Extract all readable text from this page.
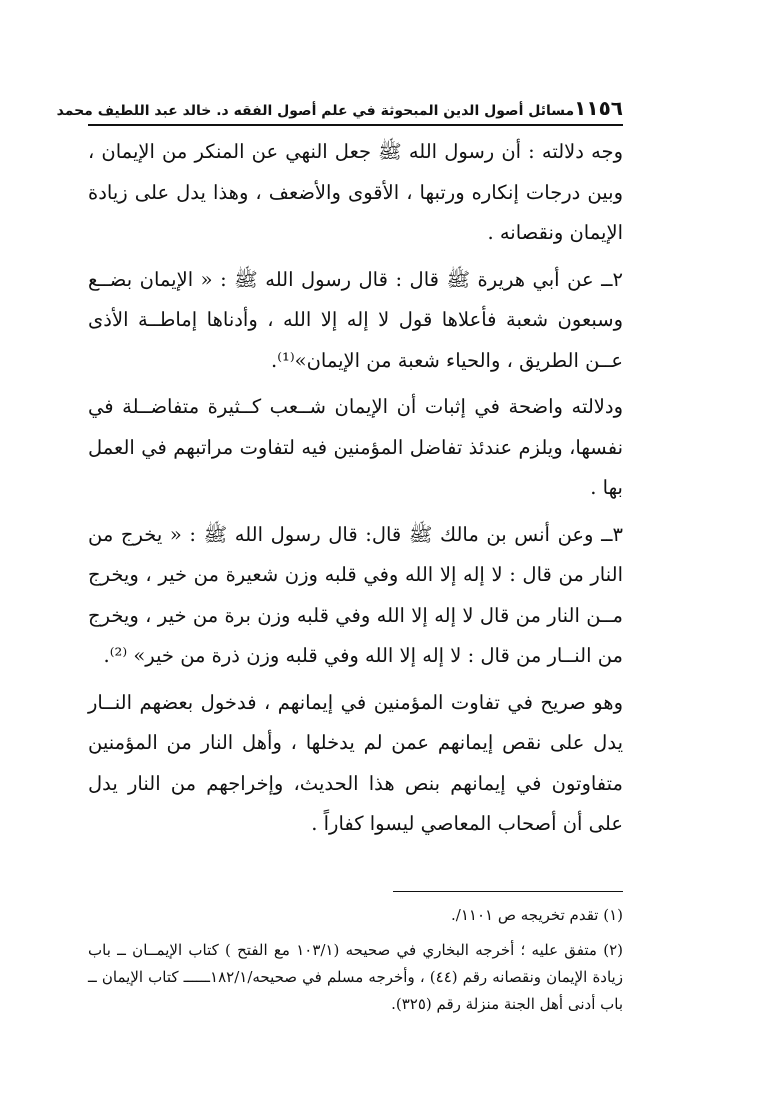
١١٥٦
مسائل أصول الدين المبحوثة في علم أصول الفقه د. خالد عبد اللطيف محمد

وجه دلالته : أن رسول الله ﷺ جعل النهي عن المنكر من الإيمان ، وبين درجات إنكاره ورتبها ، الأقوى والأضعف ، وهذا يدل على زيادة الإيمان ونقصانه .

٢ــ عن أبي هريرة ﷺ قال : قال رسول الله ﷺ : « الإيمان بضــع وسبعون شعبة فأعلاها قول لا إله إلا الله ، وأدناها إماطــة الأذى عــن الطريق ، والحياء شعبة من الإيمان»⁽¹⁾.

ودلالته واضحة في إثبات أن الإيمان شــعب كــثيرة متفاضــلة في نفسها، ويلزم عندئذ تفاضل المؤمنين فيه لتفاوت مراتبهم في العمل بها .

٣ــ وعن أنس بن مالك ﷺ قال: قال رسول الله ﷺ : « يخرج من النار من قال : لا إله إلا الله وفي قلبه وزن شعيرة من خير ، ويخرج مــن النار من قال لا إله إلا الله وفي قلبه وزن برة من خير ، ويخرج من النــار من قال : لا إله إلا الله وفي قلبه وزن ذرة من خير» ⁽²⁾.

وهو صريح في تفاوت المؤمنين في إيمانهم ، فدخول بعضهم النــار يدل على نقص إيمانهم عمن لم يدخلها ، وأهل النار من المؤمنين متفاوتون في إيمانهم بنص هذا الحديث، وإخراجهم من النار يدل على أن أصحاب المعاصي ليسوا كفاراً .

(١) تقدم تخريجه ص ١١٠١/.

(٢) متفق عليه ؛ أخرجه البخاري في صحيحه (١٠٣/١ مع الفتح ) كتاب الإيمــان ــ باب زيادة الإيمان ونقصانه رقم (٤٤) ، وأخرجه مسلم في صحيحه/١٨٢/١ــــــ كتاب الإيمان ــ باب أدنى أهل الجنة منزلة رقم (٣٢٥).
